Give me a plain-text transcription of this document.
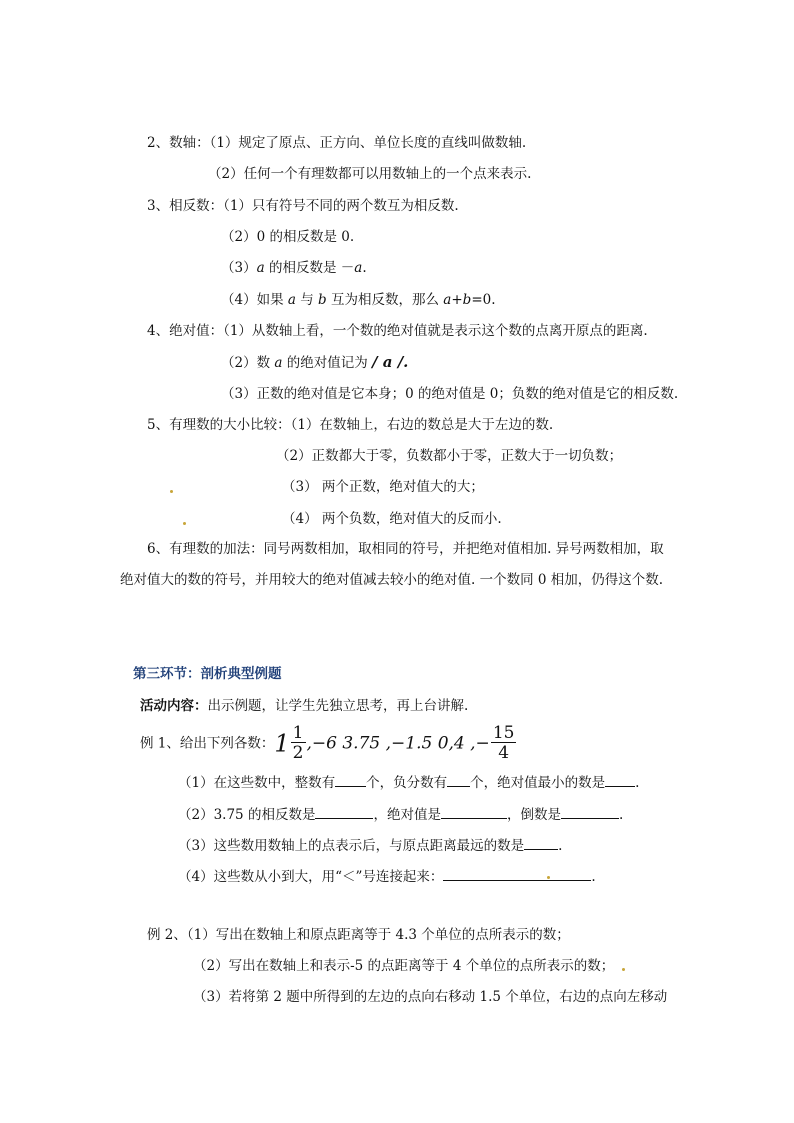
2、数轴：（1）规定了原点、正方向、单位长度的直线叫做数轴.
（2）任何一个有理数都可以用数轴上的一个点来表示.
3、相反数：（1）只有符号不同的两个数互为相反数.
（2）0 的相反数是 0.
（3）a 的相反数是 －a.
（4）如果 a 与 b 互为相反数，那么 a+b=0.
4、绝对值：（1）从数轴上看，一个数的绝对值就是表示这个数的点离开原点的距离.
（2）数 a 的绝对值记为 / a /.
（3）正数的绝对值是它本身；0 的绝对值是 0；负数的绝对值是它的相反数.
5、有理数的大小比较：（1）在数轴上，右边的数总是大于左边的数.
（2）正数都大于零，负数都小于零，正数大于一切负数；
（3） 两个正数，绝对值大的大；
（4） 两个负数，绝对值大的反而小.
6、有理数的加法：同号两数相加，取相同的符号，并把绝对值相加. 异号两数相加，取绝对值大的数的符号，并用较大的绝对值减去较小的绝对值. 一个数同 0 相加，仍得这个数.
第三环节：剖析典型例题
活动内容：出示例题，让学生先独立思考，再上台讲解.
例 1、给出下列各数：$1 \frac{1}{2} ,-6$ 3.75 ,−1.5 0,4 ,− $\frac{15}{4}$
（1）在这些数中，整数有 个，负分数有 个，绝对值最小的数是 .
（2）3.75 的相反数是	，绝对值是	，倒数是	.
（3）这些数用数轴上的点表示后，与原点距离最远的数是	.
（4）这些数从小到大，用“＜”号连接起来：	.
例 2、（1）写出在数轴上和原点距离等于 4.3 个单位的点所表示的数；
（2）写出在数轴上和表示-5 的点距离等于 4 个单位的点所表示的数；
（3）若将第 2 题中所得到的左边的点向右移动 1.5 个单位，右边的点向左移动
